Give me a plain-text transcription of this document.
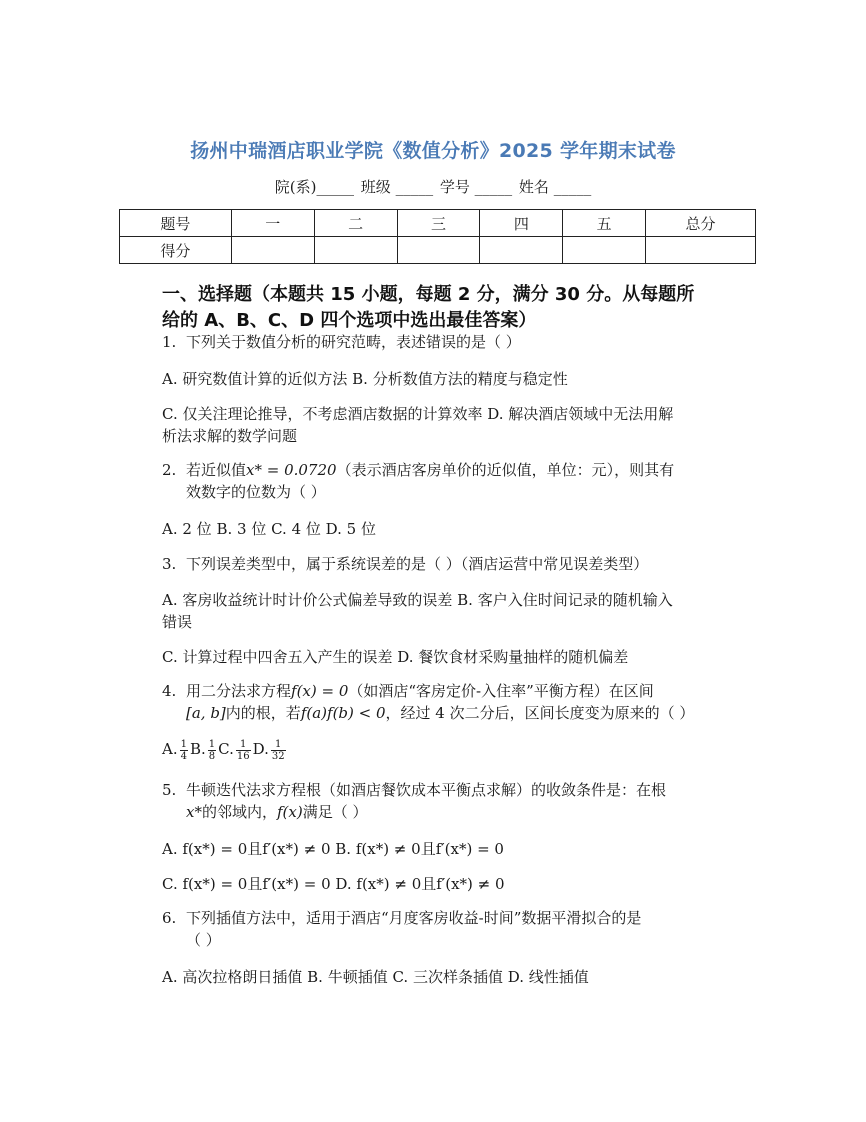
扬州中瑞酒店职业学院《数值分析》2025 学年期末试卷
院(系)_____ 班级 _____ 学号 _____ 姓名 _____
题号	一	二	三	四	五	总分
得分						
一、选择题（本题共 15 小题，每题 2 分，满分 30 分。从每题所
给的 A、B、C、D 四个选项中选出最佳答案）
1. 下列关于数值分析的研究范畴，表述错误的是（ ）
A. 研究数值计算的近似方法 B. 分析数值方法的精度与稳定性
C. 仅关注理论推导，不考虑酒店数据的计算效率 D. 解决酒店领域中无法用解
析法求解的数学问题
2. 若近似值x* = 0.0720（表示酒店客房单价的近似值，单位：元），则其有
效数字的位数为（ ）
A. 2 位 B. 3 位 C. 4 位 D. 5 位
3. 下列误差类型中，属于系统误差的是（ ）（酒店运营中常见误差类型）
A. 客房收益统计时计价公式偏差导致的误差 B. 客户入住时间记录的随机输入
错误
C. 计算过程中四舍五入产生的误差 D. 餐饮食材采购量抽样的随机偏差
4. 用二分法求方程f(x) = 0（如酒店“客房定价-入住率”平衡方程）在区间
[a, b]内的根，若f(a)f(b) < 0，经过 4 次二分后，区间长度变为原来的（ ）
A. $\frac{1}{4} B$. $\frac{1}{8} C$. $\frac{1}{16} D$. $\frac{1}{32}$
5. 牛顿迭代法求方程根（如酒店餐饮成本平衡点求解）的收敛条件是：在根
x*的邻域内，f(x)满足（ ）
A. f(x*) = 0且f′(x*) ≠ 0 B. f(x*) ≠ 0且f′(x*) = 0
C. f(x*) = 0且f′(x*) = 0 D. f(x*) ≠ 0且f′(x*) ≠ 0
6. 下列插值方法中，适用于酒店“月度客房收益-时间”数据平滑拟合的是
（ ）
A. 高次拉格朗日插值 B. 牛顿插值 C. 三次样条插值 D. 线性插值
